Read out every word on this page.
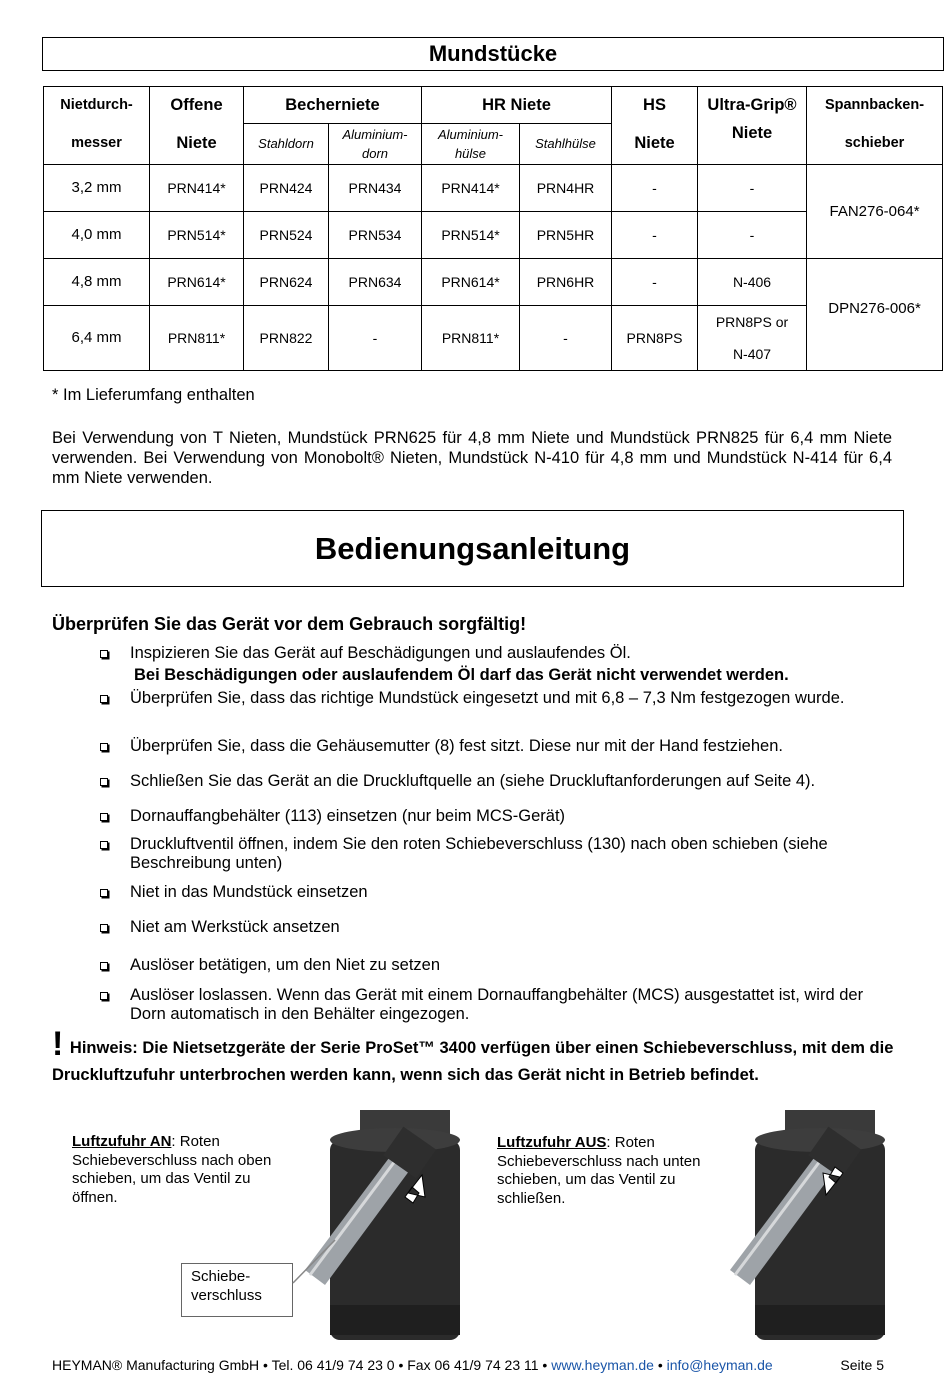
Mundstücke
Nietdurch-	Offene	Becherniete		HR Niete		HS	Ultra-Grip®	Spannbacken-
messer	Niete	Stahldorn	Aluminium-dorn	Aluminium-hülse	Stahlhülse	Niete	Niete	schieber
3,2 mm	PRN414*	PRN424	PRN434	PRN414*	PRN4HR	-	-	FAN276-064*
4,0 mm	PRN514*	PRN524	PRN534	PRN514*	PRN5HR	-	-	
4,8 mm	PRN614*	PRN624	PRN634	PRN614*	PRN6HR	-	N-406	DPN276-006*
6,4 mm	PRN811*	PRN822	-	PRN811*	-	PRN8PS	PRN8PS or
N-407	
* Im Lieferumfang enthalten
Bei Verwendung von T Nieten, Mundstück PRN625 für 4,8 mm Niete und Mundstück PRN825 für 6,4 mm Niete verwenden. Bei Verwendung von Monobolt® Nieten, Mundstück N-410 für 4,8 mm und Mundstück N-414 für 6,4 mm Niete verwenden.
Bedienungsanleitung
Überprüfen Sie das Gerät vor dem Gebrauch sorgfältig!
Inspizieren Sie das Gerät auf Beschädigungen und auslaufendes Öl.
Bei Beschädigungen oder auslaufendem Öl darf das Gerät nicht verwendet werden.
Überprüfen Sie, dass das richtige Mundstück eingesetzt und mit 6,8 – 7,3 Nm festgezogen wurde.
Überprüfen Sie, dass die Gehäusemutter (8) fest sitzt. Diese nur mit der Hand festziehen.
Schließen Sie das Gerät an die Druckluftquelle an (siehe Druckluftanforderungen auf Seite 4).
Dornauffangbehälter (113) einsetzen (nur beim MCS-Gerät)
Druckluftventil öffnen, indem Sie den roten Schiebeverschluss (130) nach oben schieben (siehe Beschreibung unten)
Niet in das Mundstück einsetzen
Niet am Werkstück ansetzen
Auslöser betätigen, um den Niet zu setzen
Auslöser loslassen. Wenn das Gerät mit einem Dornauffangbehälter (MCS) ausgestattet ist, wird der Dorn automatisch in den Behälter eingezogen.
! Hinweis: Die Nietsetzgeräte der Serie ProSet™ 3400 verfügen über einen Schiebeverschluss, mit dem die Druckluftzufuhr unterbrochen werden kann, wenn sich das Gerät nicht in Betrieb befindet.
Luftzufuhr AN: Roten Schiebeverschluss nach oben schieben, um das Ventil zu öffnen.
Luftzufuhr AUS: Roten Schiebeverschluss nach unten schieben, um das Ventil zu schließen.
Schiebe-verschluss
HEYMAN® Manufacturing GmbH • Tel. 06 41/9 74 23 0 • Fax 06 41/9 74 23 11 • www.heyman.de • info@heyman.de	Seite 5
